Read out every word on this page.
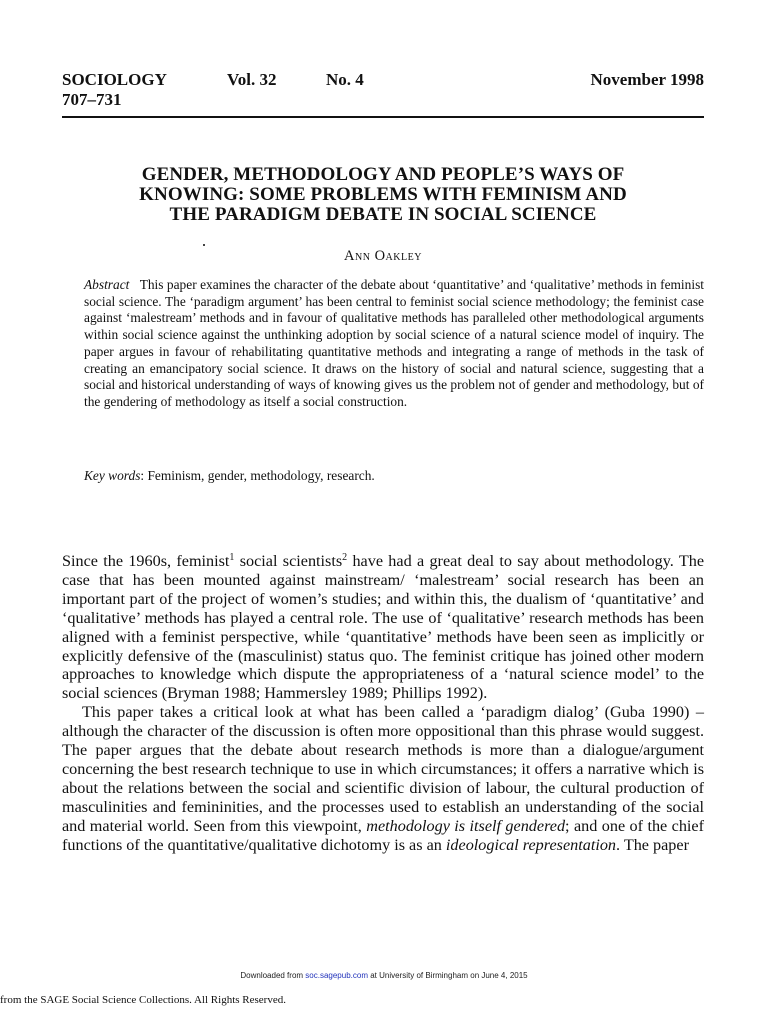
SOCIOLOGY	Vol. 32	No. 4	November 1998
707–731
GENDER, METHODOLOGY AND PEOPLE’S WAYS OF
KNOWING: SOME PROBLEMS WITH FEMINISM AND
THE PARADIGM DEBATE IN SOCIAL SCIENCE
Ann Oakley
Abstract This paper examines the character of the debate about ‘quantitative’ and ‘qualitative’ methods in feminist social science. The ‘paradigm argument’ has been central to feminist social science methodology; the feminist case against ‘malestream’ methods and in favour of qualitative methods has paralleled other methodological arguments within social science against the unthinking adoption by social science of a natural science model of inquiry. The paper argues in favour of rehabilitating quantitative methods and integrating a range of methods in the task of creating an emancipatory social science. It draws on the history of social and natural science, suggesting that a social and historical understanding of ways of knowing gives us the problem not of gender and methodology, but of the gendering of methodology as itself a social construction.
Key words: Feminism, gender, methodology, research.

Since the 1960s, feminist$^1$ social scientists$^2$ have had a great deal to say about methodology. The case that has been mounted against mainstream/ ‘malestream’ social research has been an important part of the project of women’s studies; and within this, the dualism of ‘quantitative’ and ‘qualitative’ methods has played a central role. The use of ‘qualitative’ research methods has been aligned with a feminist perspective, while ‘quantitative’ methods have been seen as implicitly or explicitly defensive of the (masculinist) status quo. The feminist critique has joined other modern approaches to knowledge which dispute the appropriateness of a ‘natural science model’ to the social sciences (Bryman 1988; Hammersley 1989; Phillips 1992).

This paper takes a critical look at what has been called a ‘paradigm dialog’ (Guba 1990) – although the character of the discussion is often more oppositional than this phrase would suggest. The paper argues that the debate about research methods is more than a dialogue/argument concerning the best research technique to use in which circumstances; it offers a narrative which is about the relations between the social and scientific division of labour, the cultural production of masculinities and femininities, and the processes used to establish an understanding of the social and material world. Seen from this viewpoint, methodology is itself gendered; and one of the chief functions of the quantitative/qualitative dichotomy is as an ideological representation. The paper

Downloaded from soc.sagepub.com at University of Birmingham on June 4, 2015
from the SAGE Social Science Collections. All Rights Reserved.
